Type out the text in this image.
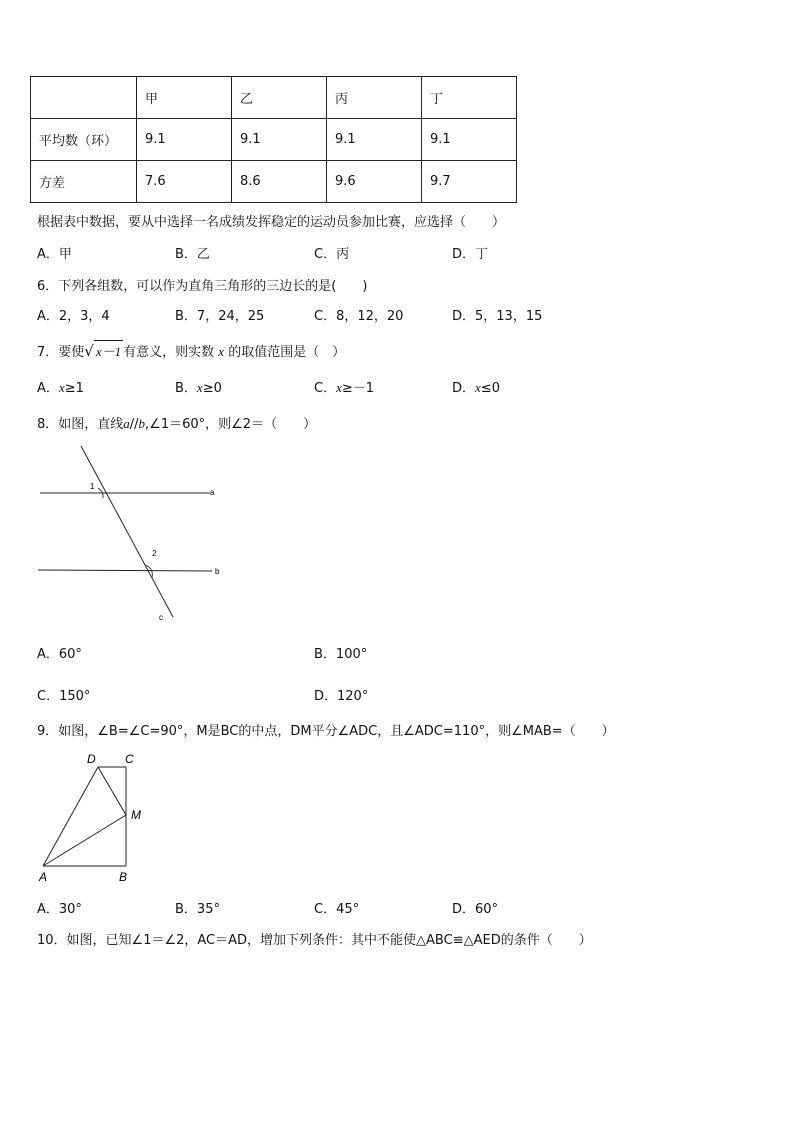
	甲	乙	丙	丁
平均数（环）	9.1	9.1	9.1	9.1
方差	7.6	8.6	9.6	9.7
根据表中数据，要从中选择一名成绩发挥稳定的运动员参加比赛，应选择（　　）
A．甲	B．乙	C．丙	D．丁
6．下列各组数，可以作为直角三角形的三边长的是(　　)
A．2，3，4	B．7，24，25	C．8，12，20	D．5，13，15
7．要使√ x－1 有意义，则实数 x 的取值范围是（　）
A．x≥1	B．x≥0	C．x≥－1	D．x≤0
8．如图，直线a//b,∠1＝60°，则∠2＝（　　）
1
2
a
b
c
A．60°	B．100°
C．150°	D．120°
9．如图，∠B=∠C=90°，M是BC的中点，DM平分∠ADC，且∠ADC=110°，则∠MAB=（　　）
D C
M
A	B
A．30°	B．35°	C．45°	D．60°
10．如图，已知∠1＝∠2，AC＝AD，增加下列条件：其中不能使△ABC≌△AED的条件（　　）
